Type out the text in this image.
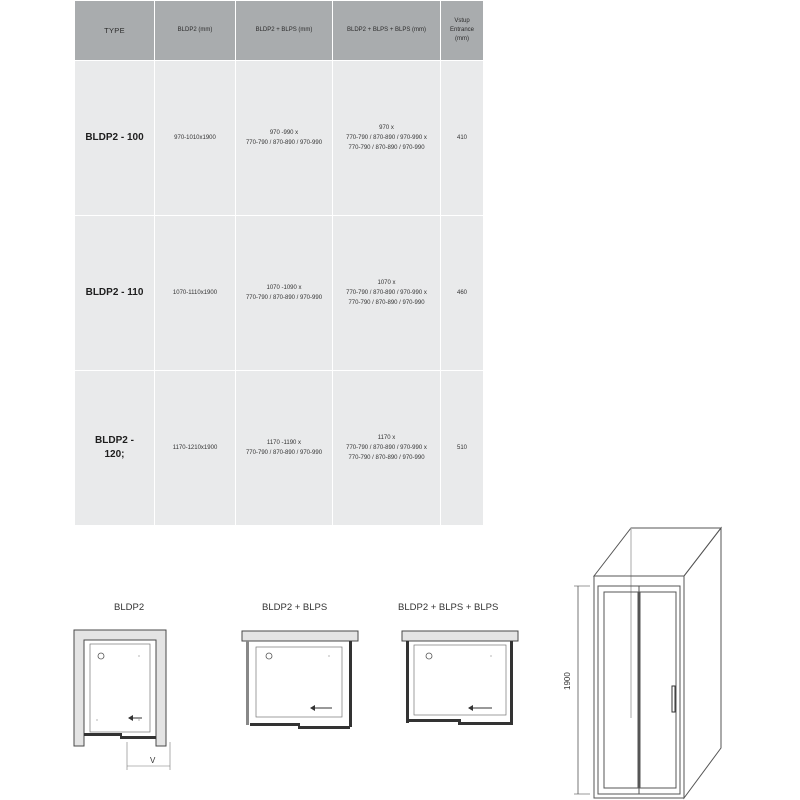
TYPE	BLDP2 (mm)	BLDP2 + BLPS (mm)	BLDP2 + BLPS + BLPS (mm)	Vstup
Entrance
(mm)
BLDP2 - 100	970-1010x1900	970 -990 x
770-790 / 870-890 / 970-990	970 x
770-790 / 870-890 / 970-990 x
770-790 / 870-890 / 970-990	410
BLDP2 - 110	1070-1110x1900	1070 -1090 x
770-790 / 870-890 / 970-990	1070 x
770-790 / 870-890 / 970-990 x
770-790 / 870-890 / 970-990	460
BLDP2 -
120;	1170-1210x1900	1170 -1190 x
770-790 / 870-890 / 970-990	1170 x
770-790 / 870-890 / 970-990 x
770-790 / 870-890 / 970-990	510
BLDP2
V
BLDP2 + BLPS	BLDP2 + BLPS + BLPS
1900
